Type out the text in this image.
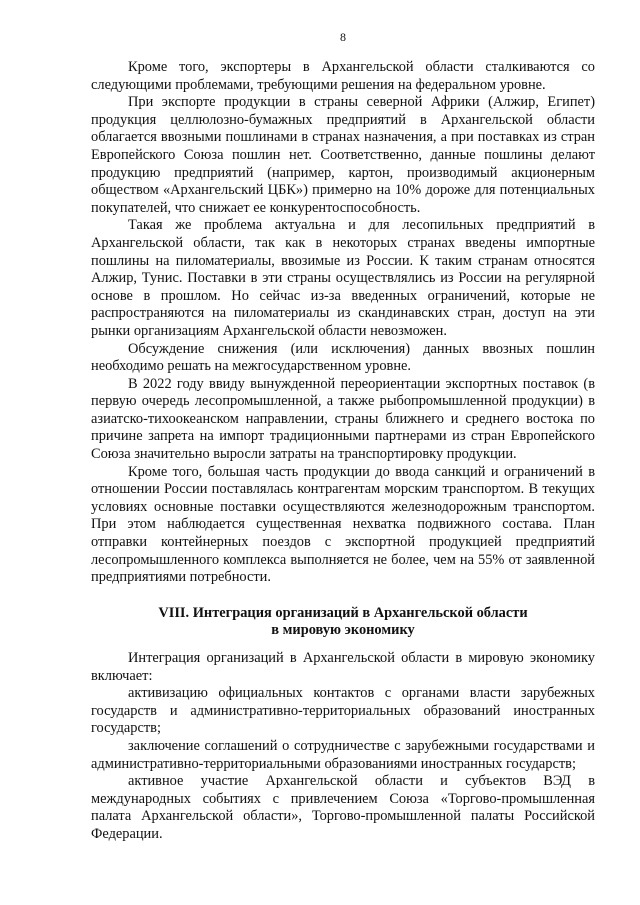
8

Кроме того, экспортеры в Архангельской области сталкиваются со следующими проблемами, требующими решения на федеральном уровне.

При экспорте продукции в страны северной Африки (Алжир, Египет) продукция целлюлозно-бумажных предприятий в Архангельской области облагается ввозными пошлинами в странах назначения, а при поставках из стран Европейского Союза пошлин нет. Соответственно, данные пошлины делают продукцию предприятий (например, картон, производимый акционерным обществом «Архангельский ЦБК») примерно на 10% дороже для потенциальных покупателей, что снижает ее конкурентоспособность.

Такая же проблема актуальна и для лесопильных предприятий в Архангельской области, так как в некоторых странах введены импортные пошлины на пиломатериалы, ввозимые из России. К таким странам относятся Алжир, Тунис. Поставки в эти страны осуществлялись из России на регулярной основе в прошлом. Но сейчас из-за введенных ограничений, которые не распространяются на пиломатериалы из скандинавских стран, доступ на эти рынки организациям Архангельской области невозможен.

Обсуждение снижения (или исключения) данных ввозных пошлин необходимо решать на межгосударственном уровне.

В 2022 году ввиду вынужденной переориентации экспортных поставок (в первую очередь лесопромышленной, а также рыбопромышленной продукции) в азиатско-тихоокеанском направлении, страны ближнего и среднего востока по причине запрета на импорт традиционными партнерами из стран Европейского Союза значительно выросли затраты на транспортировку продукции.

Кроме того, большая часть продукции до ввода санкций и ограничений в отношении России поставлялась контрагентам морским транспортом. В текущих условиях основные поставки осуществляются железнодорожным транспортом. При этом наблюдается существенная нехватка подвижного состава. План отправки контейнерных поездов с экспортной продукцией предприятий лесопромышленного комплекса выполняется не более, чем на 55% от заявленной предприятиями потребности.

VIII. Интеграция организаций в Архангельской области
в мировую экономику

Интеграция организаций в Архангельской области в мировую экономику включает:

активизацию официальных контактов с органами власти зарубежных государств и административно-территориальных образований иностранных государств;

заключение соглашений о сотрудничестве с зарубежными государствами и административно-территориальными образованиями иностранных государств;

активное участие Архангельской области и субъектов ВЭД в международных событиях с привлечением Союза «Торгово-промышленная палата Архангельской области», Торгово-промышленной палаты Российской Федерации.
